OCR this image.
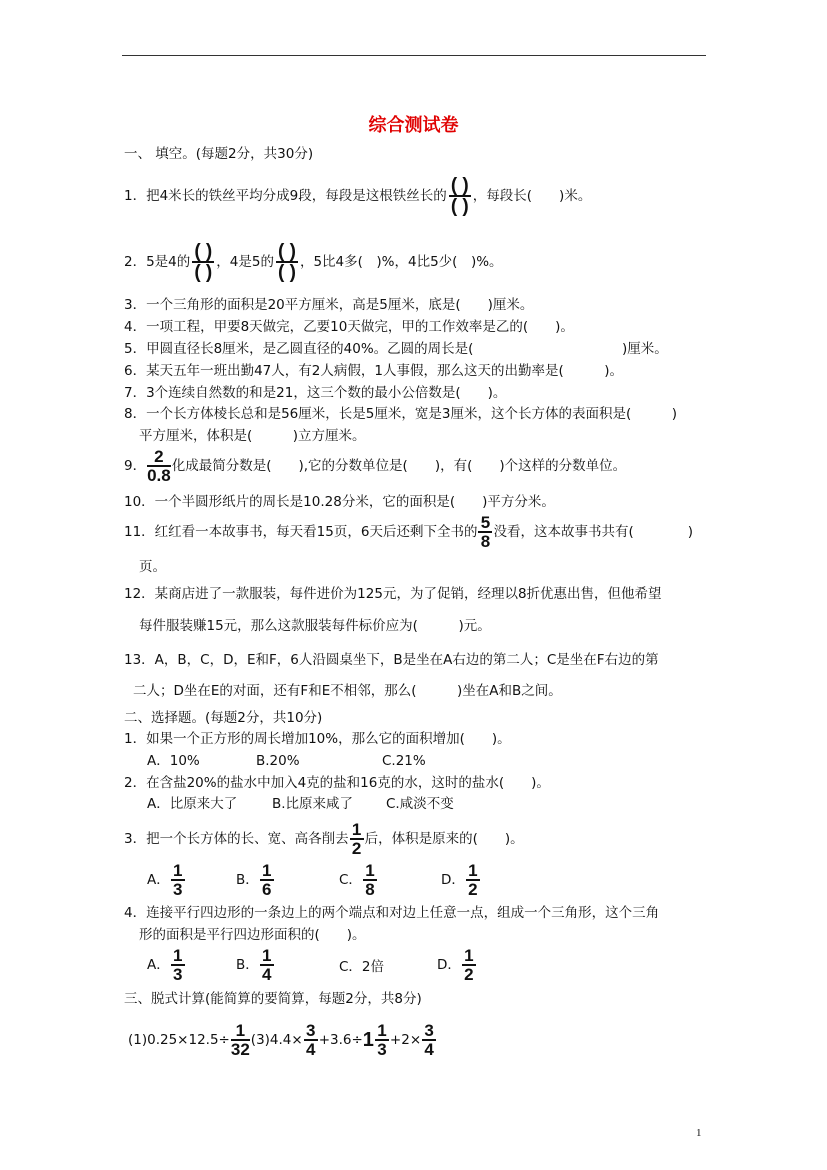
综合测试卷
一、 填空。(每题2分，共30分)
1．把4米长的铁丝平均分成9段，每段是这根铁丝长的 ( )
( ) ，每段长(　　)米。
2．5是4的 ( )
( ) ，4是5的 ( )
( ) ，5比4多(　)%，4比5少(　)%。
3．一个三角形的面积是20平方厘米，高是5厘米，底是(　　)厘米。
4．一项工程，甲要8天做完，乙要10天做完，甲的工作效率是乙的(　　)。
5．甲圆直径长8厘米，是乙圆直径的40%。乙圆的周长是(　　　　　　　　　　　)厘米。
6．某天五年一班出勤47人，有2人病假，1人事假，那么这天的出勤率是(　　　)。
7．3个连续自然数的和是21，这三个数的最小公倍数是(　　)。
8．一个长方体棱长总和是56厘米，长是5厘米，宽是3厘米，这个长方体的表面积是(　　　)
平方厘米，体积是(　　　)立方厘米。
9． $\frac{2}{0.8}$ 化成最简分数是(　　),它的分数单位是(　　)，有(　　)个这样的分数单位。
10．一个半圆形纸片的周长是10.28分米，它的面积是(　　)平方分米。
11．红红看一本故事书，每天看15页，6天后还剩下全书的 $\frac{5}{8}$ 没看，这本故事书共有(　　　　)
页。
12．某商店进了一款服装，每件进价为125元，为了促销，经理以8折优惠出售，但他希望
每件服装赚15元，那么这款服装每件标价应为(　　　)元。
13．A，B，C，D，E和F，6人沿圆桌坐下，B是坐在A右边的第二人；C是坐在F右边的第
二人；D坐在E的对面，还有F和E不相邻，那么(　　　)坐在A和B之间。
二、选择题。(每题2分，共10分)
1．如果一个正方形的周长增加10%，那么它的面积增加(　　)。
A．10%	B.20%	C.21%
2．在含盐20%的盐水中加入4克的盐和16克的水，这时的盐水(　　)。
A．比原来大了	B.比原来咸了 C.咸淡不变
3．把一个长方体的长、宽、高各削去 $\frac{1}{2}$ 后，体积是原来的(　　)。
A． $\frac{1}{3}$	B． $\frac{1}{6}$	C． $\frac{1}{8}$	D． $\frac{1}{2}$
4．连接平行四边形的一条边上的两个端点和对边上任意一点，组成一个三角形，这个三角
形的面积是平行四边形面积的(　　)。
A． $\frac{1}{3}$	B． $\frac{1}{4}$	C．2倍	D． $\frac{1}{2}$
三、脱式计算(能简算的要简算，每题2分，共8分)
$(1)0.25\times 12.5\div \frac{1}{32} (3)4.4\times \frac{3}{4} +3.6\div 1 \frac{1}{3} +2\times \frac{3}{4}$
1
